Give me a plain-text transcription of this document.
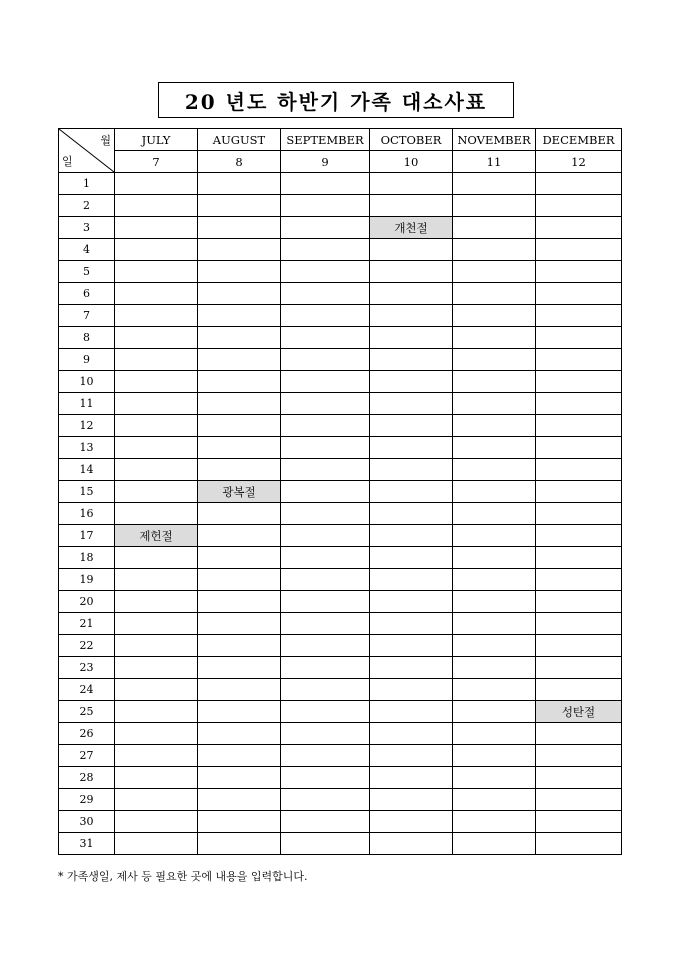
20 년도 하반기 가족 대소사표
월
일	JULY	AUGUST	SEPTEMBER	OCTOBER	NOVEMBER	DECEMBER
	7	8	9	10	11	12
1						
2						
3				개천절		
4						
5						
6						
7						
8						
9						
10						
11						
12						
13						
14						
15		광복절				
16						
17	제헌절					
18						
19						
20						
21						
22						
23						
24						
25						성탄절
26						
27						
28						
29						
30						
31						
* 가족생일, 제사 등 필요한 곳에 내용을 입력합니다.
